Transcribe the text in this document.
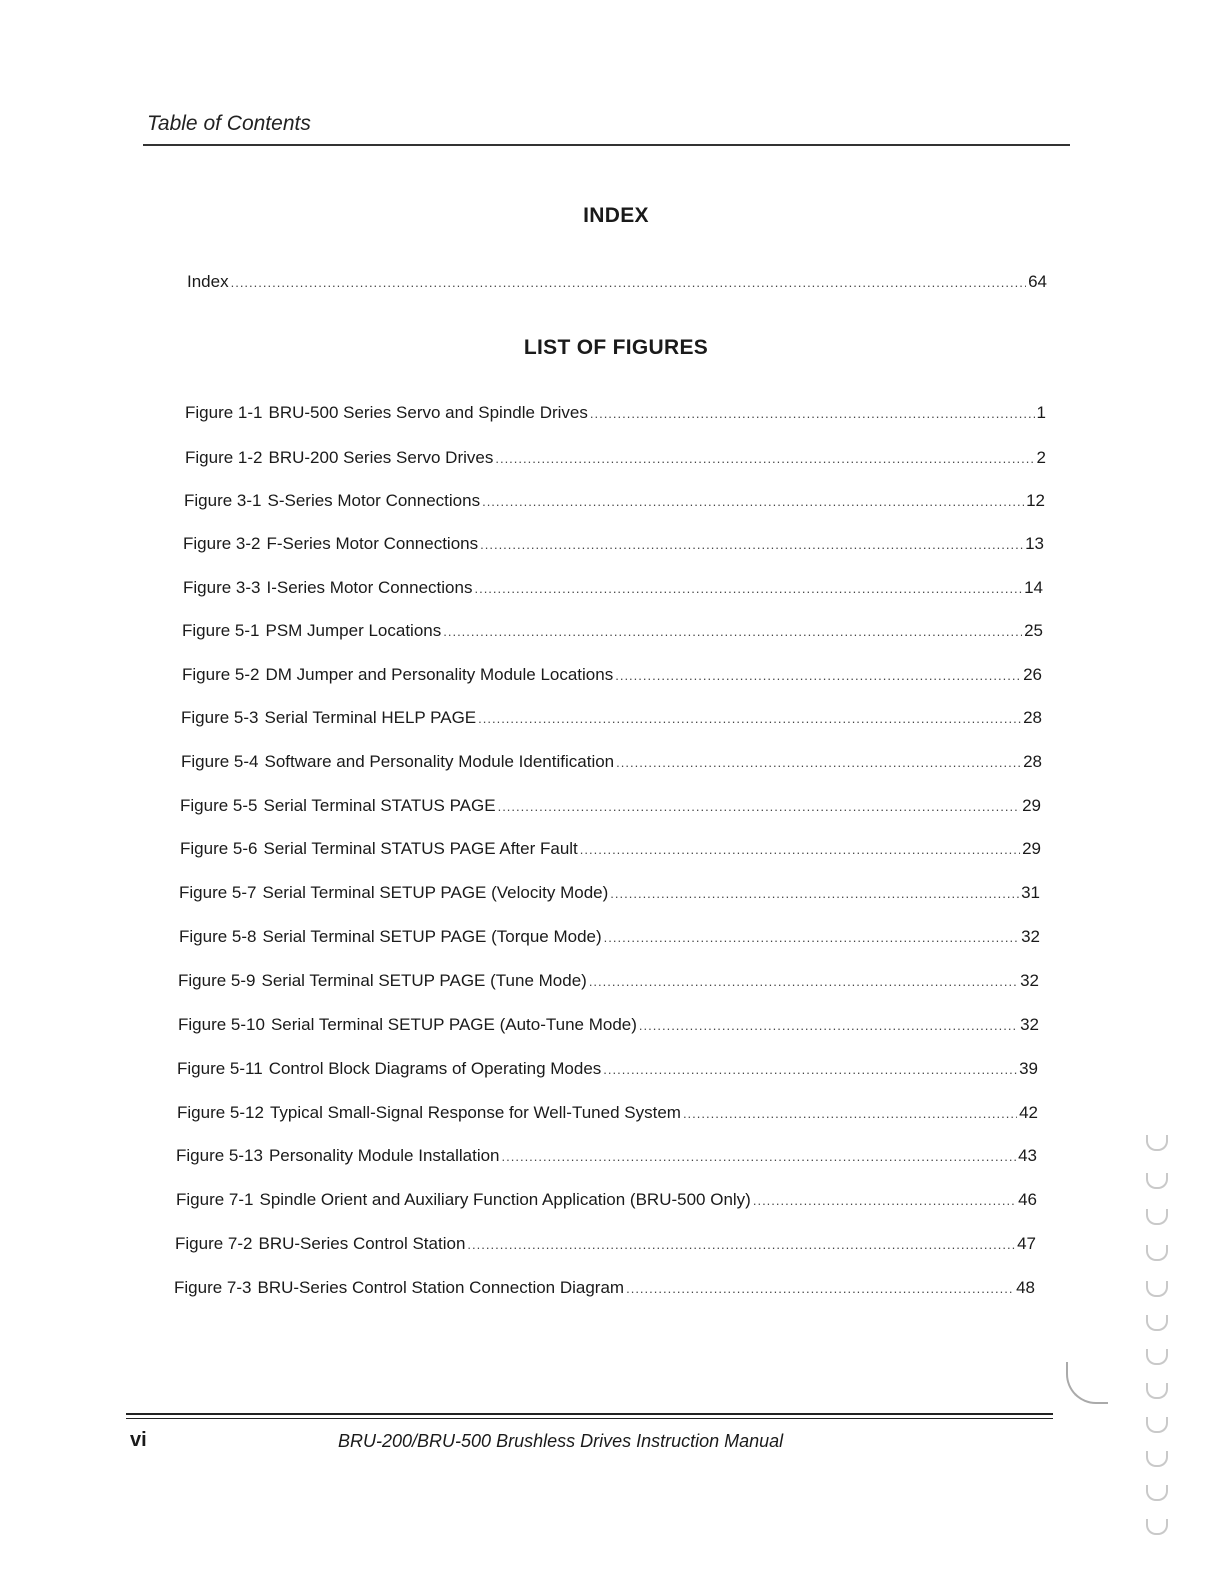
Table of Contents
INDEX
Index .....	64
LIST OF FIGURES
Figure 1-1 BRU-500 Series Servo and Spindle Drives .....	1
Figure 1-2 BRU-200 Series Servo Drives .....	2
Figure 3-1 S-Series Motor Connections .....	12
Figure 3-2 F-Series Motor Connections .....	13
Figure 3-3 I-Series Motor Connections .....	14
Figure 5-1 PSM Jumper Locations .....	25
Figure 5-2 DM Jumper and Personality Module Locations .....	26
Figure 5-3 Serial Terminal HELP PAGE .....	28
Figure 5-4 Software and Personality Module Identification .....	28
Figure 5-5 Serial Terminal STATUS PAGE .....	29
Figure 5-6 Serial Terminal STATUS PAGE After Fault .....	29
Figure 5-7 Serial Terminal SETUP PAGE (Velocity Mode) .....	31
Figure 5-8 Serial Terminal SETUP PAGE (Torque Mode) .....	32
Figure 5-9 Serial Terminal SETUP PAGE (Tune Mode) .....	32
Figure 5-10 Serial Terminal SETUP PAGE (Auto-Tune Mode) .....	32
Figure 5-11 Control Block Diagrams of Operating Modes .....	39
Figure 5-12 Typical Small-Signal Response for Well-Tuned System .....	42
Figure 5-13 Personality Module Installation .....	43
Figure 7-1 Spindle Orient and Auxiliary Function Application (BRU-500 Only) .....	46
Figure 7-2 BRU-Series Control Station .....	47
Figure 7-3 BRU-Series Control Station Connection Diagram .....	48
vi	BRU-200/BRU-500 Brushless Drives Instruction Manual
